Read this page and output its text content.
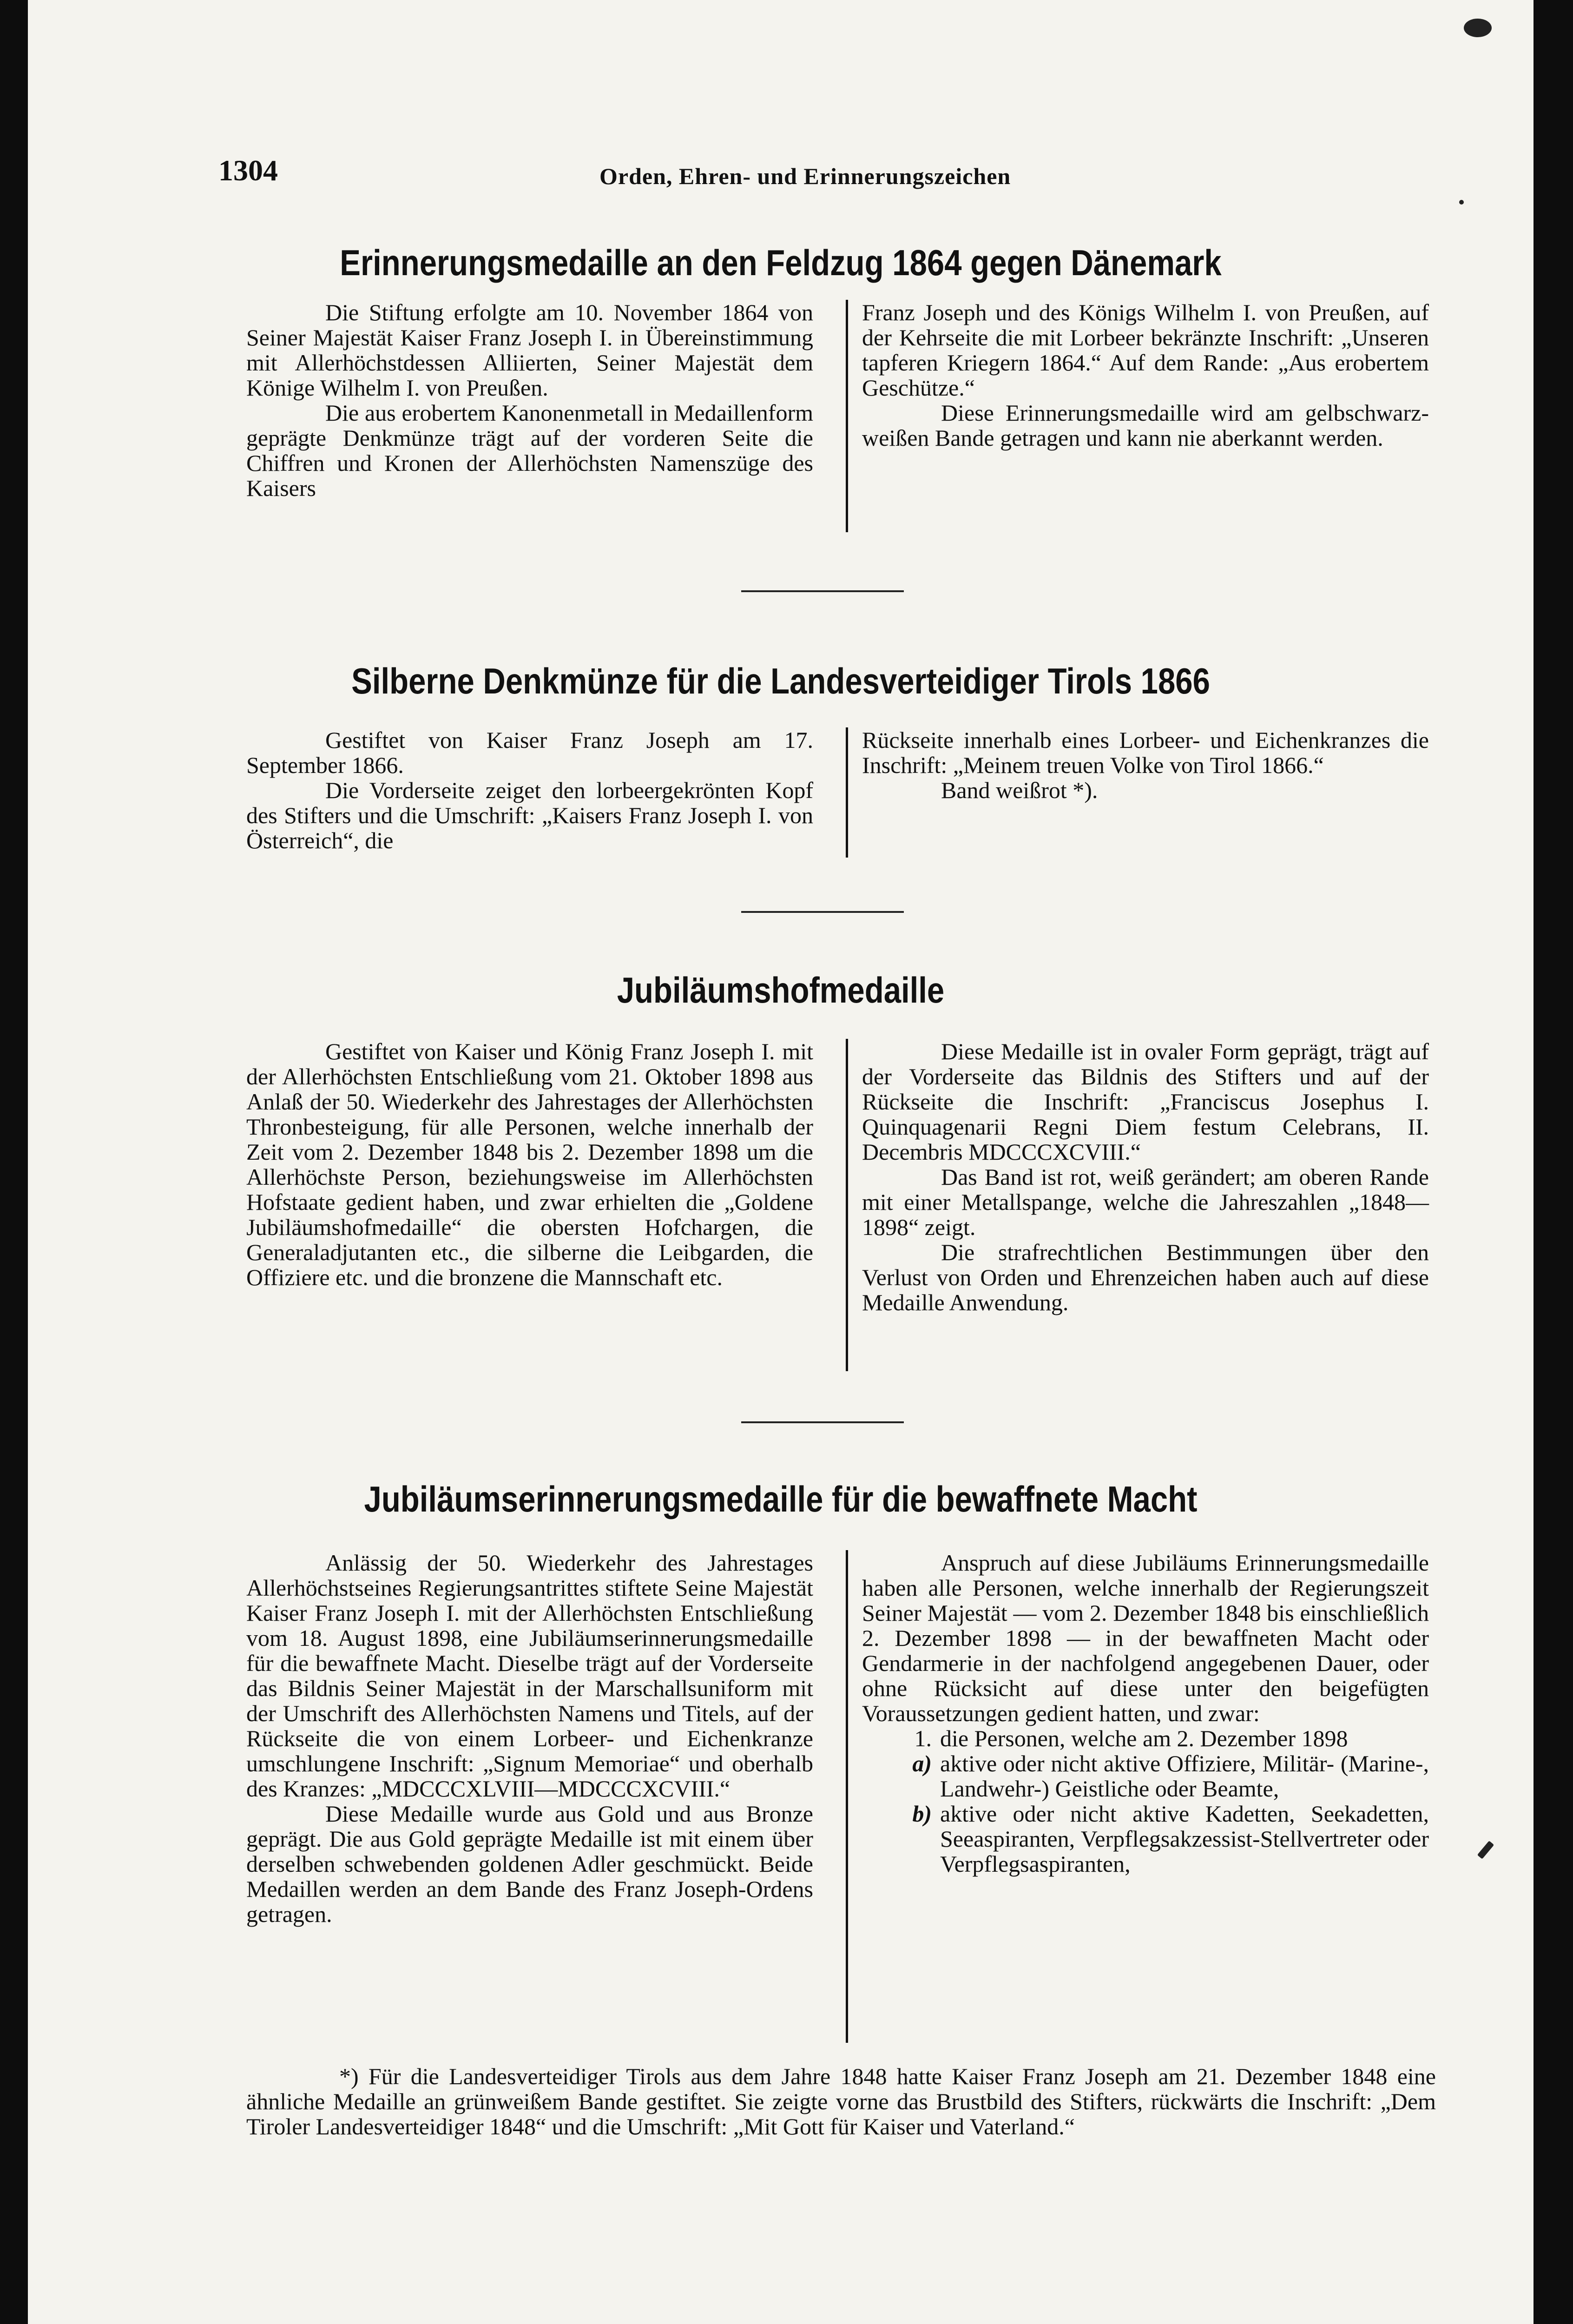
1304	Orden, Ehren- und Erinnerungszeichen
Erinnerungsmedaille an den Feldzug 1864 gegen Dänemark

Die Stiftung erfolgte am 10. November 1864 von Seiner Majestät Kaiser Franz Joseph I. in Übereinstimmung mit Allerhöchstdessen Alliierten, Seiner Majestät dem Könige Wilhelm I. von Preußen.

Die aus erobertem Kanonenmetall in Medaillenform geprägte Denkmünze trägt auf der vorderen Seite die Chiffren und Kronen der Allerhöchsten Namenszüge des Kaisers

Franz Joseph und des Königs Wilhelm I. von Preußen, auf der Kehrseite die mit Lorbeer bekränzte Inschrift: „Unseren tapferen Kriegern 1864.“ Auf dem Rande: „Aus erobertem Geschütze.“

Diese Erinnerungsmedaille wird am gelbschwarz-weißen Bande getragen und kann nie aberkannt werden.

Silberne Denkmünze für die Landesverteidiger Tirols 1866

Gestiftet von Kaiser Franz Joseph am 17. September 1866.

Die Vorderseite zeiget den lorbeergekrönten Kopf des Stifters und die Umschrift: „Kaisers Franz Joseph I. von Österreich“, die

Rückseite innerhalb eines Lorbeer- und Eichenkranzes die Inschrift: „Meinem treuen Volke von Tirol 1866.“

Band weißrot *).

Jubiläumshofmedaille

Gestiftet von Kaiser und König Franz Joseph I. mit der Allerhöchsten Entschließung vom 21. Oktober 1898 aus Anlaß der 50. Wiederkehr des Jahrestages der Allerhöchsten Thronbesteigung, für alle Personen, welche innerhalb der Zeit vom 2. Dezember 1848 bis 2. Dezember 1898 um die Allerhöchste Person, beziehungsweise im Allerhöchsten Hofstaate gedient haben, und zwar erhielten die „Goldene Jubiläumshofmedaille“ die obersten Hofchargen, die Generaladjutanten etc., die silberne die Leibgarden, die Offiziere etc. und die bronzene die Mannschaft etc.

Diese Medaille ist in ovaler Form geprägt, trägt auf der Vorderseite das Bildnis des Stifters und auf der Rückseite die Inschrift: „Franciscus Josephus I. Quinquagenarii Regni Diem festum Celebrans, II. Decembris MDCCCXCVIII.“

Das Band ist rot, weiß gerändert; am oberen Rande mit einer Metallspange, welche die Jahreszahlen „1848—1898“ zeigt.

Die strafrechtlichen Bestimmungen über den Verlust von Orden und Ehrenzeichen haben auch auf diese Medaille Anwendung.

Jubiläumserinnerungsmedaille für die bewaffnete Macht

Anlässig der 50. Wiederkehr des Jahrestages Allerhöchstseines Regierungsantrittes stiftete Seine Majestät Kaiser Franz Joseph I. mit der Allerhöchsten Entschließung vom 18. August 1898, eine Jubiläumserinnerungsmedaille für die bewaffnete Macht. Dieselbe trägt auf der Vorderseite das Bildnis Seiner Majestät in der Marschallsuniform mit der Umschrift des Allerhöchsten Namens und Titels, auf der Rückseite die von einem Lorbeer- und Eichenkranze umschlungene Inschrift: „Signum Memoriae“ und oberhalb des Kranzes: „MDCCCXLVIII—MDCCCXCVIII.“

Diese Medaille wurde aus Gold und aus Bronze geprägt. Die aus Gold geprägte Medaille ist mit einem über derselben schwebenden goldenen Adler geschmückt. Beide Medaillen werden an dem Bande des Franz Joseph-Ordens getragen.

Anspruch auf diese Jubiläums Erinnerungsmedaille haben alle Personen, welche innerhalb der Regierungszeit Seiner Majestät — vom 2. Dezember 1848 bis einschließlich 2. Dezember 1898 — in der bewaffneten Macht oder Gendarmerie in der nachfolgend angegebenen Dauer, oder ohne Rücksicht auf diese unter den beigefügten Voraussetzungen gedient hatten, und zwar:

1. die Personen, welche am 2. Dezember 1898
a) aktive oder nicht aktive Offiziere, Militär- (Marine-, Landwehr-) Geistliche oder Beamte,
b) aktive oder nicht aktive Kadetten, Seekadetten, Seeaspiranten, Verpflegsakzessist-Stellvertreter oder Verpflegsaspiranten,

*) Für die Landesverteidiger Tirols aus dem Jahre 1848 hatte Kaiser Franz Joseph am 21. Dezember 1848 eine ähnliche Medaille an grünweißem Bande gestiftet. Sie zeigte vorne das Brustbild des Stifters, rückwärts die Inschrift: „Dem Tiroler Landesverteidiger 1848“ und die Umschrift: „Mit Gott für Kaiser und Vaterland.“
